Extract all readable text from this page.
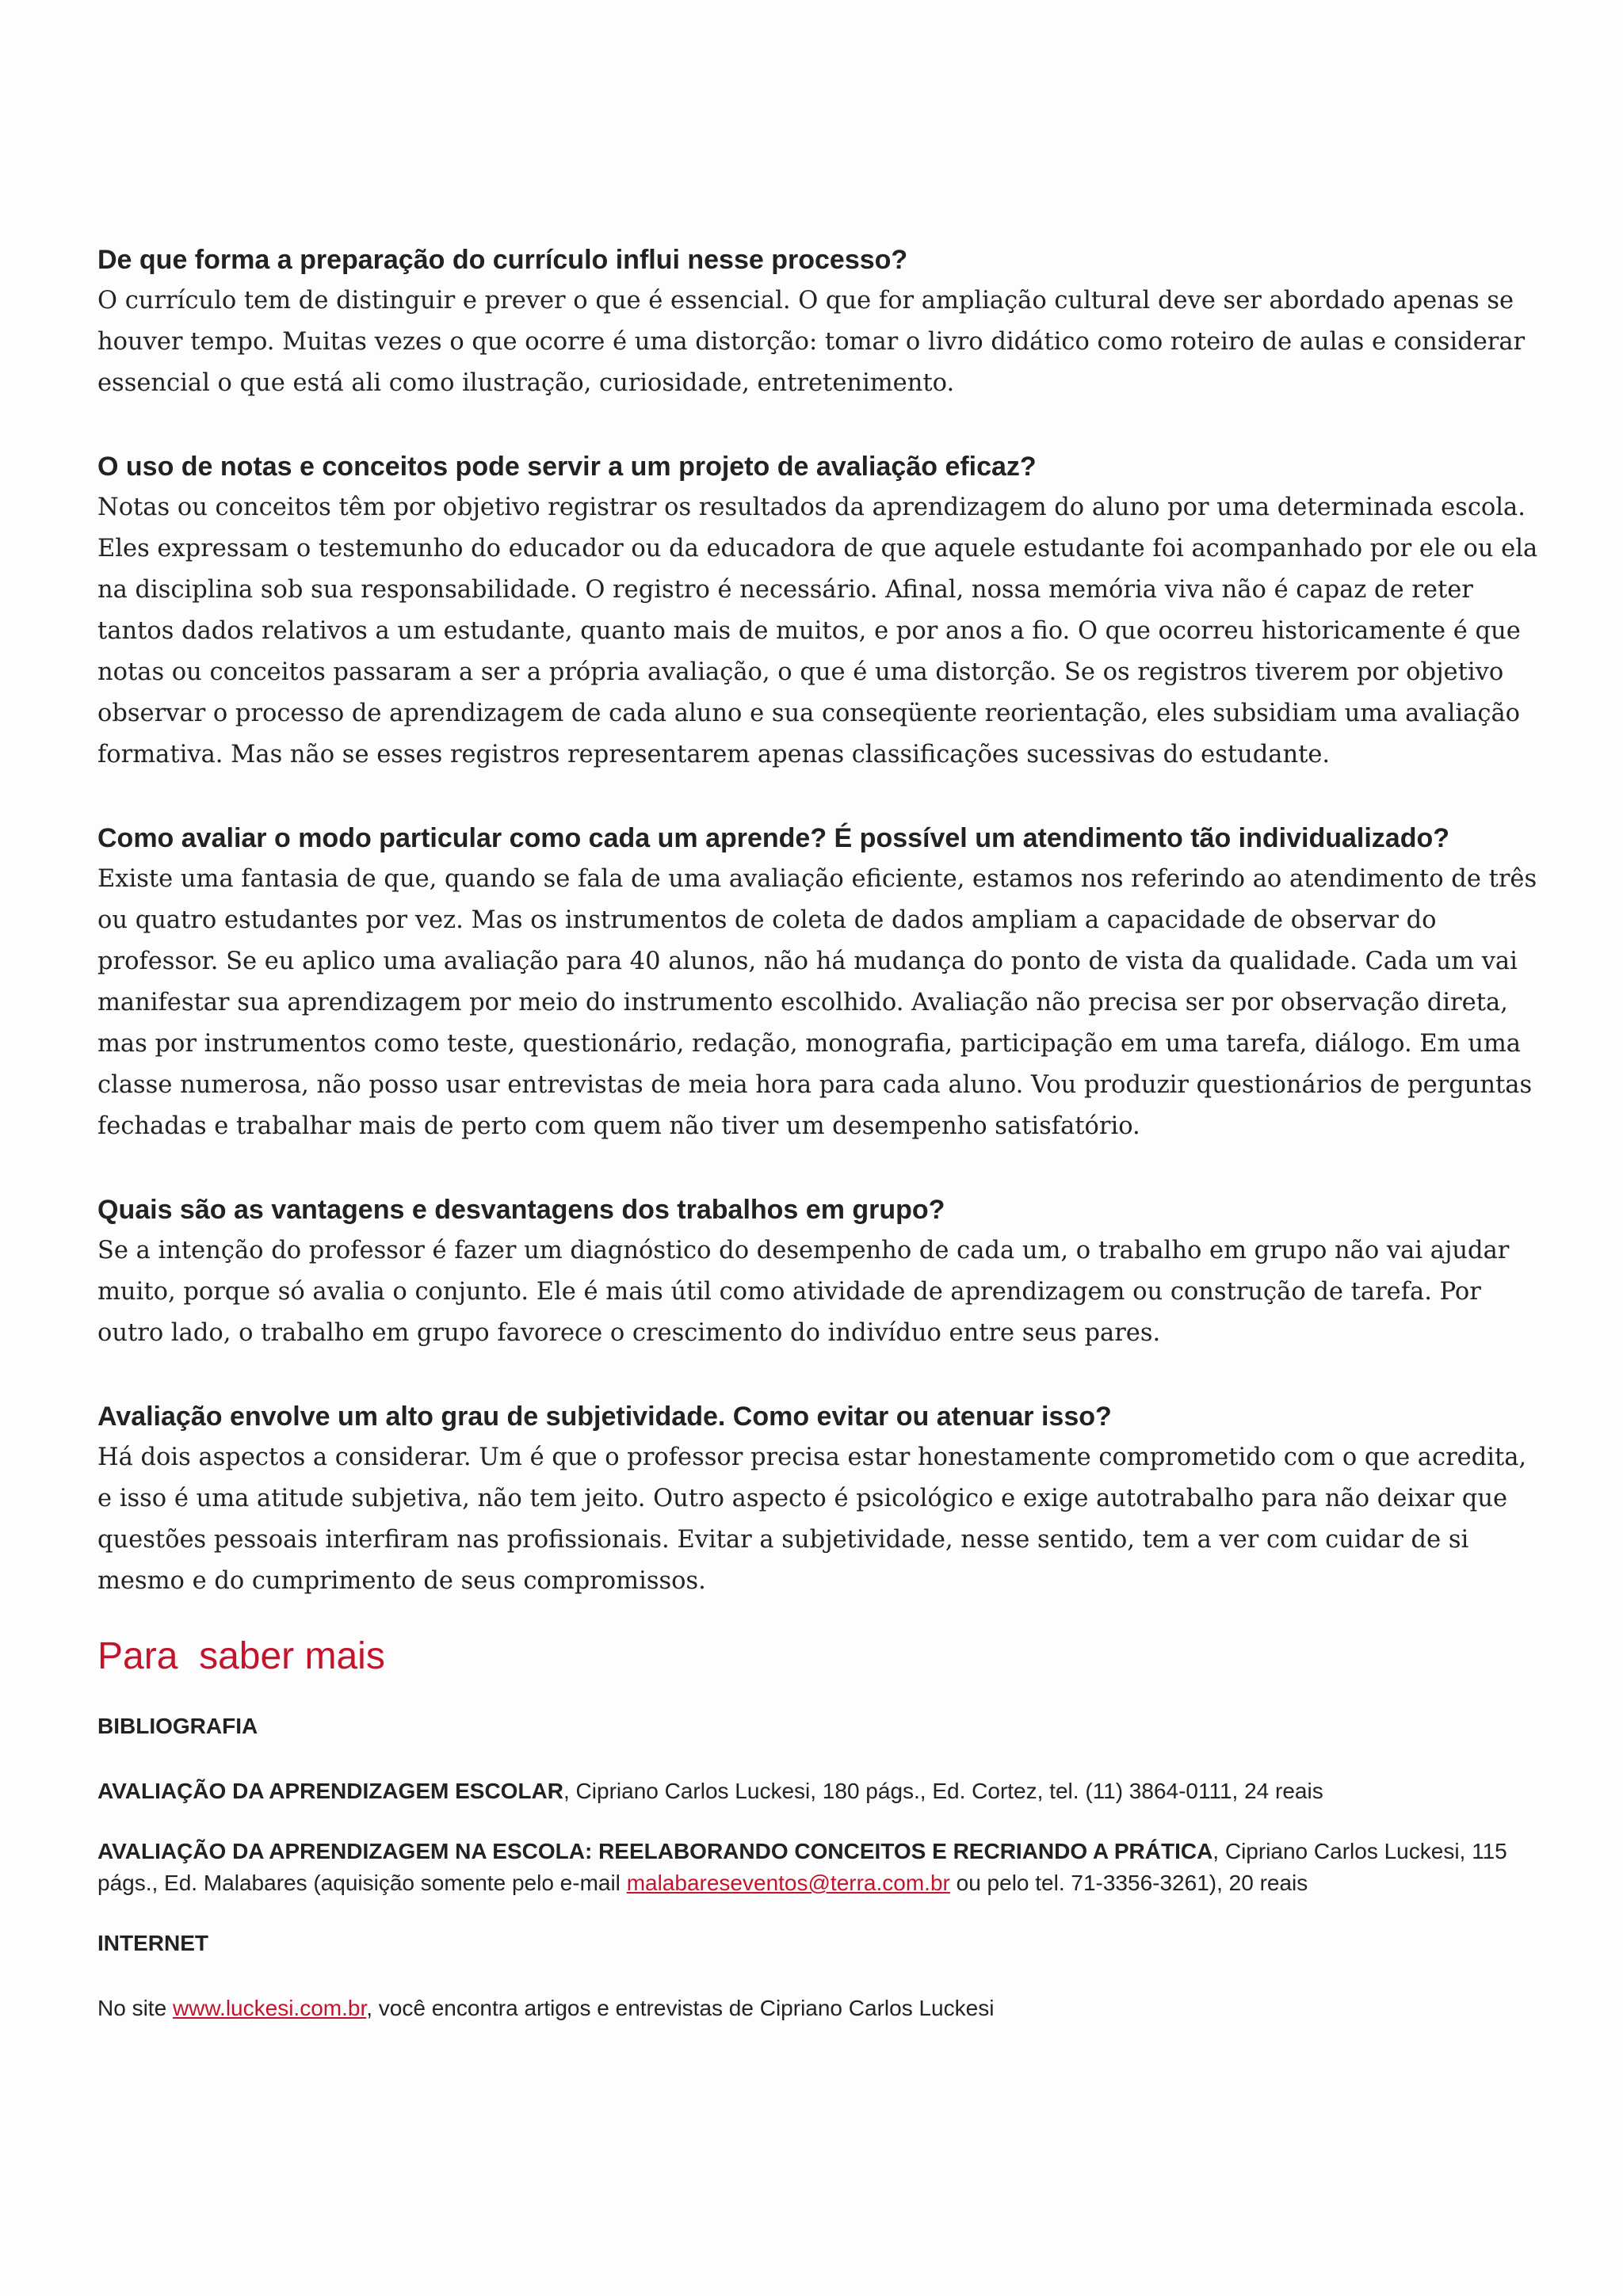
De que forma a preparação do currículo influi nesse processo?

O currículo tem de distinguir e prever o que é essencial. O que for ampliação cultural deve ser abordado apenas se houver tempo. Muitas vezes o que ocorre é uma distorção: tomar o livro didático como roteiro de aulas e considerar essencial o que está ali como ilustração, curiosidade, entretenimento.

O uso de notas e conceitos pode servir a um projeto de avaliação eficaz?

Notas ou conceitos têm por objetivo registrar os resultados da aprendizagem do aluno por uma determinada escola. Eles expressam o testemunho do educador ou da educadora de que aquele estudante foi acompanhado por ele ou ela na disciplina sob sua responsabilidade. O registro é necessário. Afinal, nossa memória viva não é capaz de reter tantos dados relativos a um estudante, quanto mais de muitos, e por anos a fio. O que ocorreu historicamente é que notas ou conceitos passaram a ser a própria avaliação, o que é uma distorção. Se os registros tiverem por objetivo observar o processo de aprendizagem de cada aluno e sua conseqüente reorientação, eles subsidiam uma avaliação formativa. Mas não se esses registros representarem apenas classificações sucessivas do estudante.

Como avaliar o modo particular como cada um aprende? É possível um atendimento tão individualizado?

Existe uma fantasia de que, quando se fala de uma avaliação eficiente, estamos nos referindo ao atendimento de três ou quatro estudantes por vez. Mas os instrumentos de coleta de dados ampliam a capacidade de observar do professor. Se eu aplico uma avaliação para 40 alunos, não há mudança do ponto de vista da qualidade. Cada um vai manifestar sua aprendizagem por meio do instrumento escolhido. Avaliação não precisa ser por observação direta, mas por instrumentos como teste, questionário, redação, monografia, participação em uma tarefa, diálogo. Em uma classe numerosa, não posso usar entrevistas de meia hora para cada aluno. Vou produzir questionários de perguntas fechadas e trabalhar mais de perto com quem não tiver um desempenho satisfatório.

Quais são as vantagens e desvantagens dos trabalhos em grupo?

Se a intenção do professor é fazer um diagnóstico do desempenho de cada um, o trabalho em grupo não vai ajudar muito, porque só avalia o conjunto. Ele é mais útil como atividade de aprendizagem ou construção de tarefa. Por outro lado, o trabalho em grupo favorece o crescimento do indivíduo entre seus pares.

Avaliação envolve um alto grau de subjetividade. Como evitar ou atenuar isso?

Há dois aspectos a considerar. Um é que o professor precisa estar honestamente comprometido com o que acredita, e isso é uma atitude subjetiva, não tem jeito. Outro aspecto é psicológico e exige autotrabalho para não deixar que questões pessoais interfiram nas profissionais. Evitar a subjetividade, nesse sentido, tem a ver com cuidar de si mesmo e do cumprimento de seus compromissos.

Para  saber mais
BIBLIOGRAFIA

AVALIAÇÃO DA APRENDIZAGEM ESCOLAR, Cipriano Carlos Luckesi, 180 págs., Ed. Cortez, tel. (11) 3864-0111, 24 reais

AVALIAÇÃO DA APRENDIZAGEM NA ESCOLA: REELABORANDO CONCEITOS E RECRIANDO A PRÁTICA, Cipriano Carlos Luckesi, 115 págs., Ed. Malabares (aquisição somente pelo e-mail malabareseventos@terra.com.br ou pelo tel. 71-3356-3261), 20 reais

INTERNET

No site www.luckesi.com.br, você encontra artigos e entrevistas de Cipriano Carlos Luckesi
